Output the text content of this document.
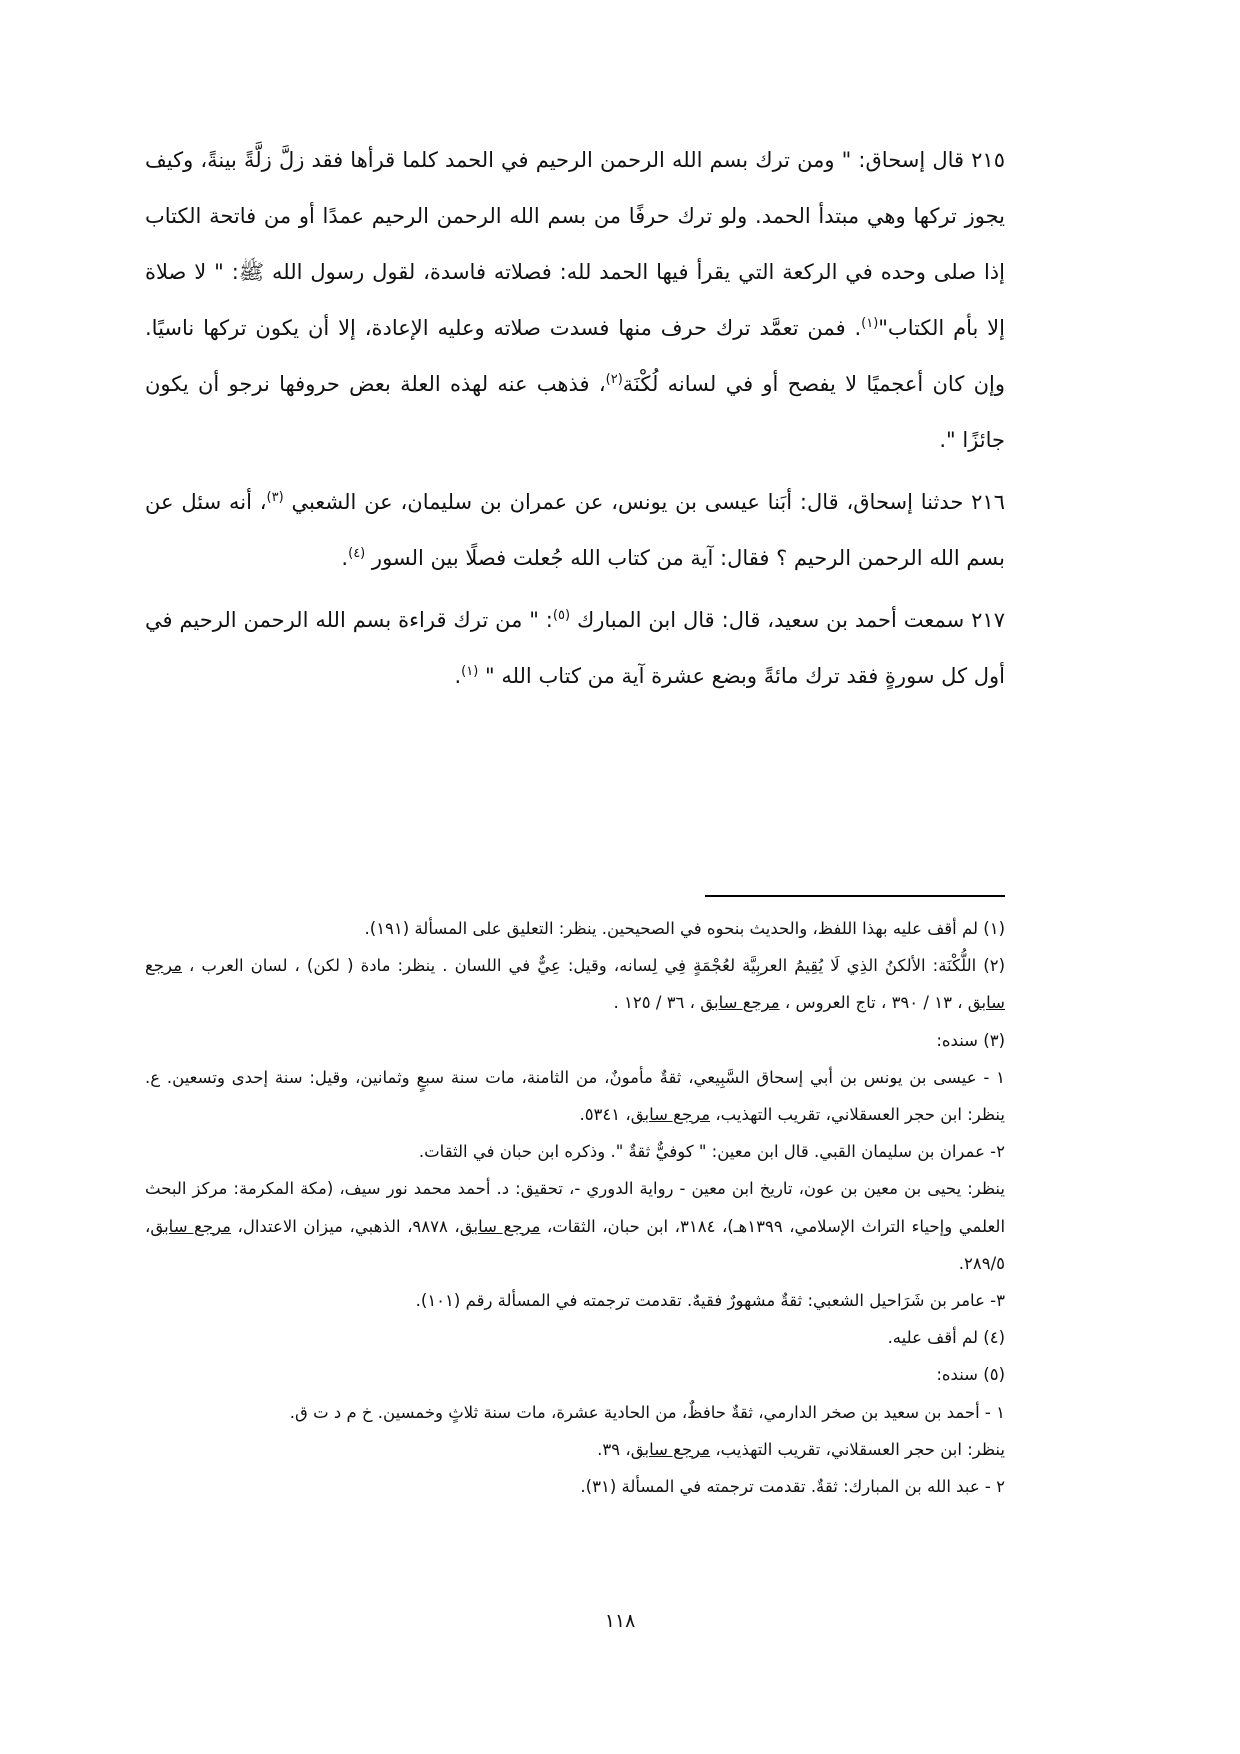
٢١٥ قال إسحاق: " ومن ترك بسم الله الرحمن الرحيم في الحمد كلما قرأها فقد زلَّ زلَّةً بينةً، وكيف يجوز تركها وهي مبتدأ الحمد. ولو ترك حرفًا من بسم الله الرحمن الرحيم عمدًا أو من فاتحة الكتاب إذا صلى وحده في الركعة التي يقرأ فيها الحمد لله: فصلاته فاسدة، لقول رسول الله ﷺ: " لا صلاة إلا بأم الكتاب"$^{(١)}$. فمن تعمَّد ترك حرف منها فسدت صلاته وعليه الإعادة، إلا أن يكون تركها ناسيًا. وإن كان أعجميًا لا يفصح أو في لسانه لُكْنَة$^{(٢)}$، فذهب عنه لهذه العلة بعض حروفها نرجو أن يكون جائزًا ".

٢١٦ حدثنا إسحاق، قال: أبَنا عيسى بن يونس، عن عمران بن سليمان، عن الشعبي $^{(٣)}$، أنه سئل عن بسم الله الرحمن الرحيم ؟ فقال: آية من كتاب الله جُعلت فصلًا بين السور $^{(٤)}$.

٢١٧ سمعت أحمد بن سعيد، قال: قال ابن المبارك $^{(٥)}$: " من ترك قراءة بسم الله الرحمن الرحيم في أول كل سورةٍ فقد ترك مائةً وبضع عشرة آية من كتاب الله " $^{(١)}$.

(١) لم أقف عليه بهذا اللفظ، والحديث بنحوه في الصحيحين. ينظر: التعليق على المسألة (١٩١).

(٢) اللُّكْنَة: الألكنُ الذِي لَا يُقِيمُ العربِيَّة لعُجْمَةٍ فِي لِسانه، وقيل: عِيٌّ في اللسان . ينظر: مادة ( لكن) ، لسان العرب ، مرجع سابق ، ١٣ / ٣٩٠ ، تاج العروس ، مرجع سابق ، ٣٦ / ١٢٥ .

(٣) سنده:

١ - عيسى بن يونس بن أبي إسحاق السَّبِيعي، ثقةٌ مأمونٌ، من الثامنة، مات سنة سبعٍ وثمانين، وقيل: سنة إحدى وتسعين. ع. ينظر: ابن حجر العسقلاني، تقريب التهذيب، مرجع سابق، ٥٣٤١.

٢- عمران بن سليمان القبي. قال ابن معين: " كوفيٌّ ثقةٌ ". وذكره ابن حبان في الثقات.

ينظر: يحيى بن معين بن عون، تاريخ ابن معين - رواية الدوري -، تحقيق: د. أحمد محمد نور سيف، (مكة المكرمة: مركز البحث العلمي وإحياء التراث الإسلامي، ١٣٩٩هـ)، ٣١٨٤، ابن حبان، الثقات، مرجع سابق، ٩٨٧٨، الذهبي، ميزان الاعتدال، مرجع سابق، ٢٨٩/٥.

٣- عامر بن شَرَاحيل الشعبي: ثقةٌ مشهورٌ فقيهٌ. تقدمت ترجمته في المسألة رقم (١٠١).

(٤) لم أقف عليه.

(٥) سنده:

١ - أحمد بن سعيد بن صخر الدارمي، ثقةٌ حافظٌ، من الحادية عشرة، مات سنة ثلاثٍ وخمسين. خ م د ت ق.

ينظر: ابن حجر العسقلاني، تقريب التهذيب، مرجع سابق، ٣٩.

٢ - عبد الله بن المبارك: ثقةٌ. تقدمت ترجمته في المسألة (٣١).

١١٨
